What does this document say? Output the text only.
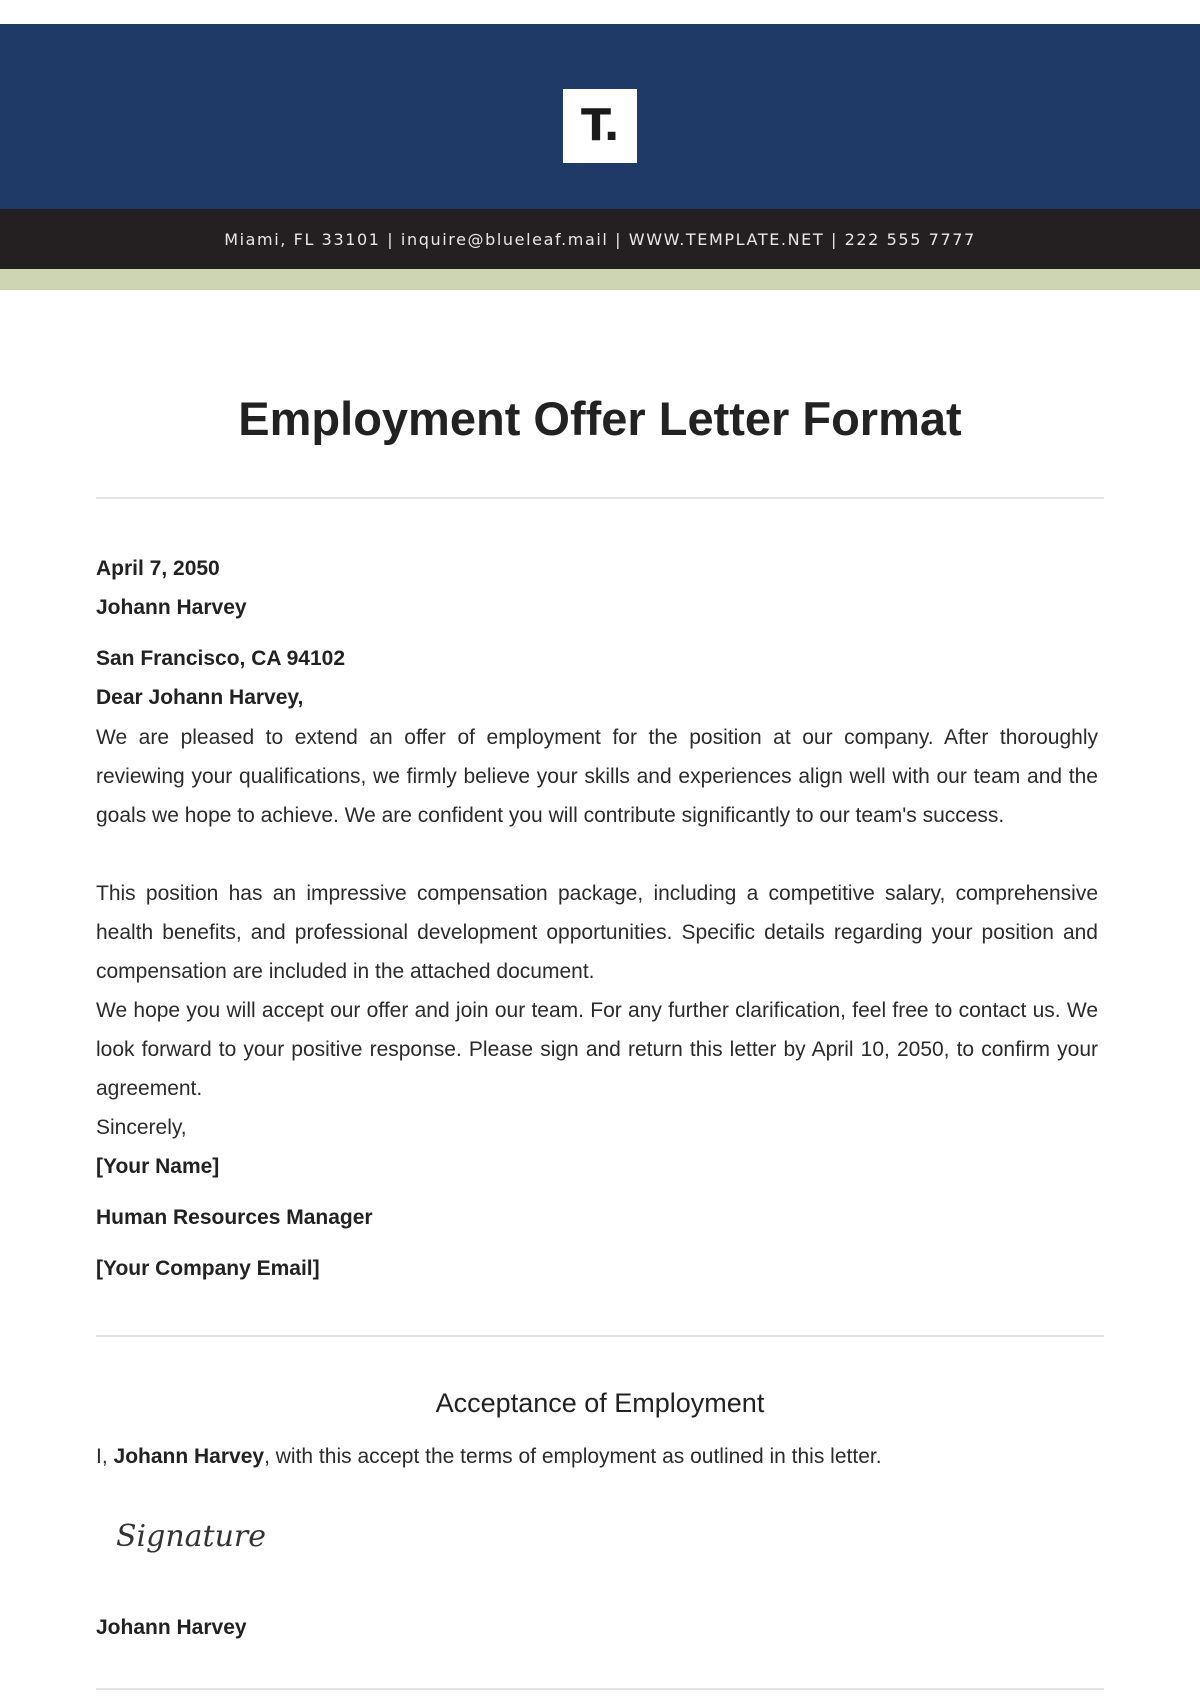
T.
Miami, FL 33101 | inquire@blueleaf.mail | WWW.TEMPLATE.NET | 222 555 7777
Employment Offer Letter Format

April 7, 2050

Johann Harvey

San Francisco, CA 94102

Dear Johann Harvey,

We are pleased to extend an offer of employment for the position at our company. After thoroughly reviewing your qualifications, we firmly believe your skills and experiences align well with our team and the goals we hope to achieve. We are confident you will contribute significantly to our team's success.

This position has an impressive compensation package, including a competitive salary, comprehensive health benefits, and professional development opportunities. Specific details regarding your position and compensation are included in the attached document.

We hope you will accept our offer and join our team. For any further clarification, feel free to contact us. We look forward to your positive response. Please sign and return this letter by April 10, 2050, to confirm your agreement.

Sincerely,

[Your Name]

Human Resources Manager

[Your Company Email]

Acceptance of Employment

I, Johann Harvey, with this accept the terms of employment as outlined in this letter.

Signature

Johann Harvey
